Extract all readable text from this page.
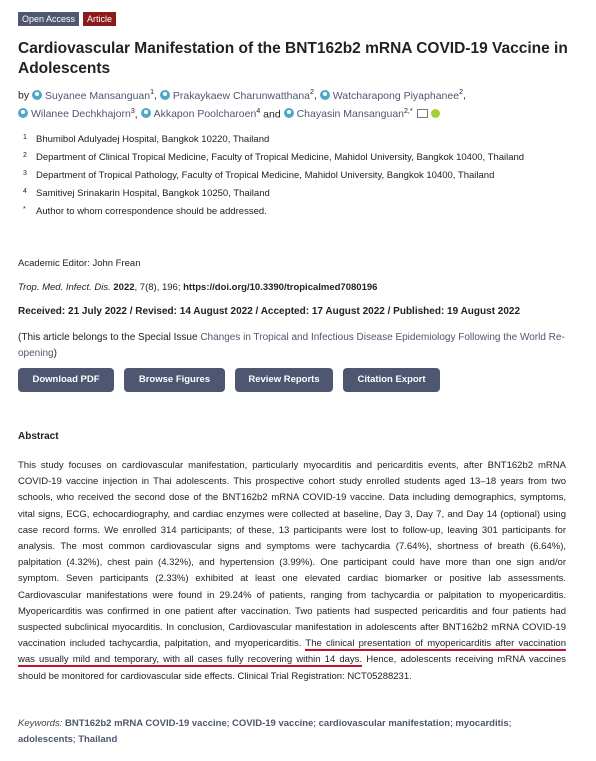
Open Access	Article
Cardiovascular Manifestation of the BNT162b2 mRNA COVID-19 Vaccine in Adolescents
by Suyanee Mansanguan$^1$, Prakaykaew Charunwatthana$^2$, Watcharapong Piyaphanee$^2$,
Wilanee Dechkhajorn$^3$, Akkapon Poolcharoen$^4$ and Chayasin Mansanguan$^{2,*}$
1 Bhumibol Adulyadej Hospital, Bangkok 10220, Thailand
2 Department of Clinical Tropical Medicine, Faculty of Tropical Medicine, Mahidol University, Bangkok 10400, Thailand
3 Department of Tropical Pathology, Faculty of Tropical Medicine, Mahidol University, Bangkok 10400, Thailand
4 Samitivej Srinakarin Hospital, Bangkok 10250, Thailand
* Author to whom correspondence should be addressed.
Academic Editor: John Frean
Trop. Med. Infect. Dis. 2022, 7(8), 196; https://doi.org/10.3390/tropicalmed7080196
Received: 21 July 2022 / Revised: 14 August 2022 / Accepted: 17 August 2022 / Published: 19 August 2022
(This article belongs to the Special Issue Changes in Tropical and Infectious Disease Epidemiology Following the World Re-opening)
Download PDF	Browse Figures	Review Reports	Citation Export
Abstract
This study focuses on cardiovascular manifestation, particularly myocarditis and pericarditis events, after BNT162b2 mRNA COVID-19 vaccine injection in Thai adolescents. This prospective cohort study enrolled students aged 13–18 years from two schools, who received the second dose of the BNT162b2 mRNA COVID-19 vaccine. Data including demographics, symptoms, vital signs, ECG, echocardiography, and cardiac enzymes were collected at baseline, Day 3, Day 7, and Day 14 (optional) using case record forms. We enrolled 314 participants; of these, 13 participants were lost to follow-up, leaving 301 participants for analysis. The most common cardiovascular signs and symptoms were tachycardia (7.64%), shortness of breath (6.64%), palpitation (4.32%), chest pain (4.32%), and hypertension (3.99%). One participant could have more than one sign and/or symptom. Seven participants (2.33%) exhibited at least one elevated cardiac biomarker or positive lab assessments. Cardiovascular manifestations were found in 29.24% of patients, ranging from tachycardia or palpitation to myopericarditis. Myopericarditis was confirmed in one patient after vaccination. Two patients had suspected pericarditis and four patients had suspected subclinical myocarditis. In conclusion, Cardiovascular manifestation in adolescents after BNT162b2 mRNA COVID-19 vaccination included tachycardia, palpitation, and myopericarditis. The clinical presentation of myopericarditis after vaccination was usually mild and temporary, with all cases fully recovering within 14 days. Hence, adolescents receiving mRNA vaccines should be monitored for cardiovascular side effects. Clinical Trial Registration: NCT05288231.
Keywords: BNT162b2 mRNA COVID-19 vaccine; COVID-19 vaccine; cardiovascular manifestation; myocarditis; adolescents; Thailand
